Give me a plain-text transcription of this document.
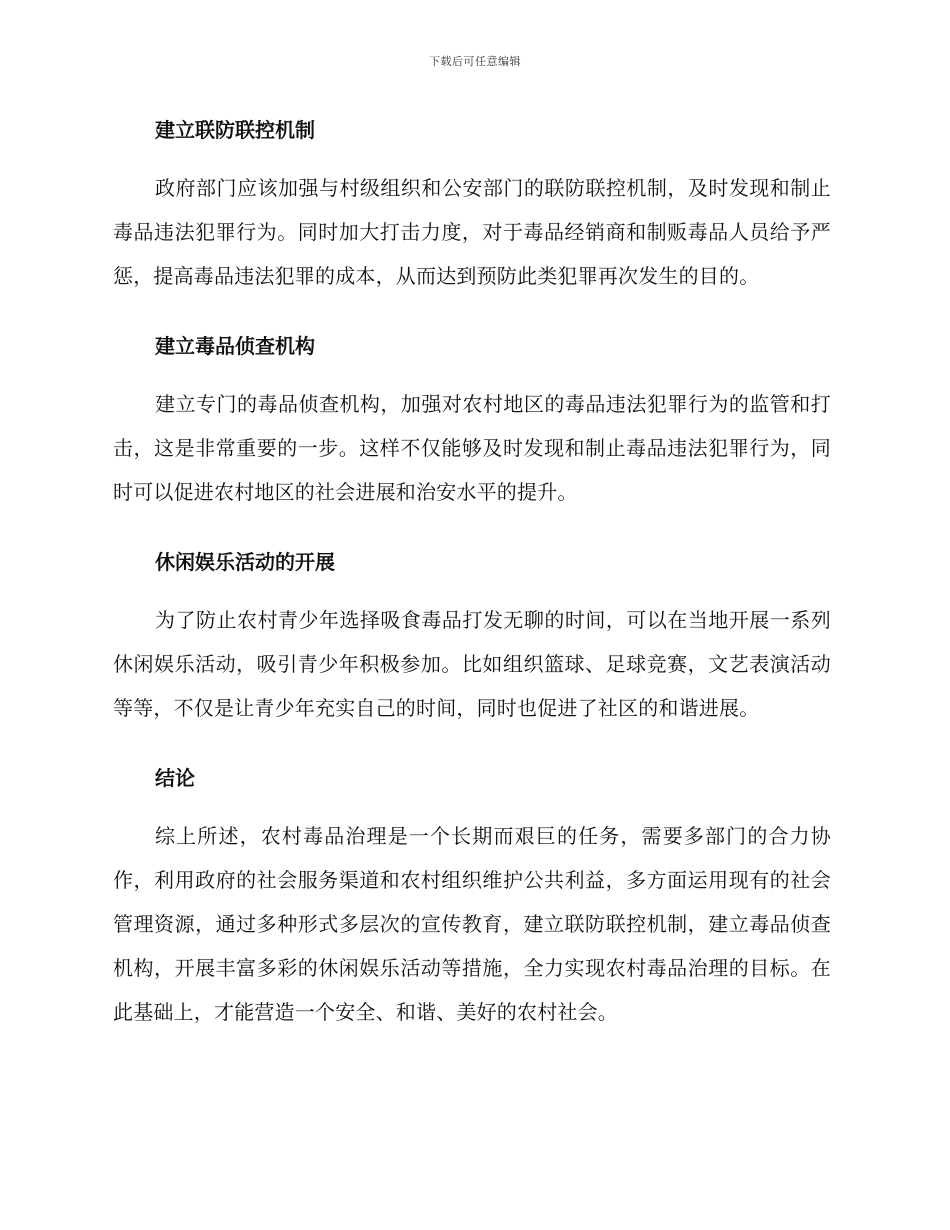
下载后可任意编辑
建立联防联控机制

政府部门应该加强与村级组织和公安部门的联防联控机制，及时发现和制止毒品违法犯罪行为。同时加大打击力度，对于毒品经销商和制贩毒品人员给予严惩，提高毒品违法犯罪的成本，从而达到预防此类犯罪再次发生的目的。

建立毒品侦查机构

建立专门的毒品侦查机构，加强对农村地区的毒品违法犯罪行为的监管和打击，这是非常重要的一步。这样不仅能够及时发现和制止毒品违法犯罪行为，同时可以促进农村地区的社会进展和治安水平的提升。

休闲娱乐活动的开展

为了防止农村青少年选择吸食毒品打发无聊的时间，可以在当地开展一系列休闲娱乐活动，吸引青少年积极参加。比如组织篮球、足球竞赛，文艺表演活动等等，不仅是让青少年充实自己的时间，同时也促进了社区的和谐进展。

结论

综上所述，农村毒品治理是一个长期而艰巨的任务，需要多部门的合力协作，利用政府的社会服务渠道和农村组织维护公共利益，多方面运用现有的社会管理资源，通过多种形式多层次的宣传教育，建立联防联控机制，建立毒品侦查机构，开展丰富多彩的休闲娱乐活动等措施，全力实现农村毒品治理的目标。在此基础上，才能营造一个安全、和谐、美好的农村社会。
